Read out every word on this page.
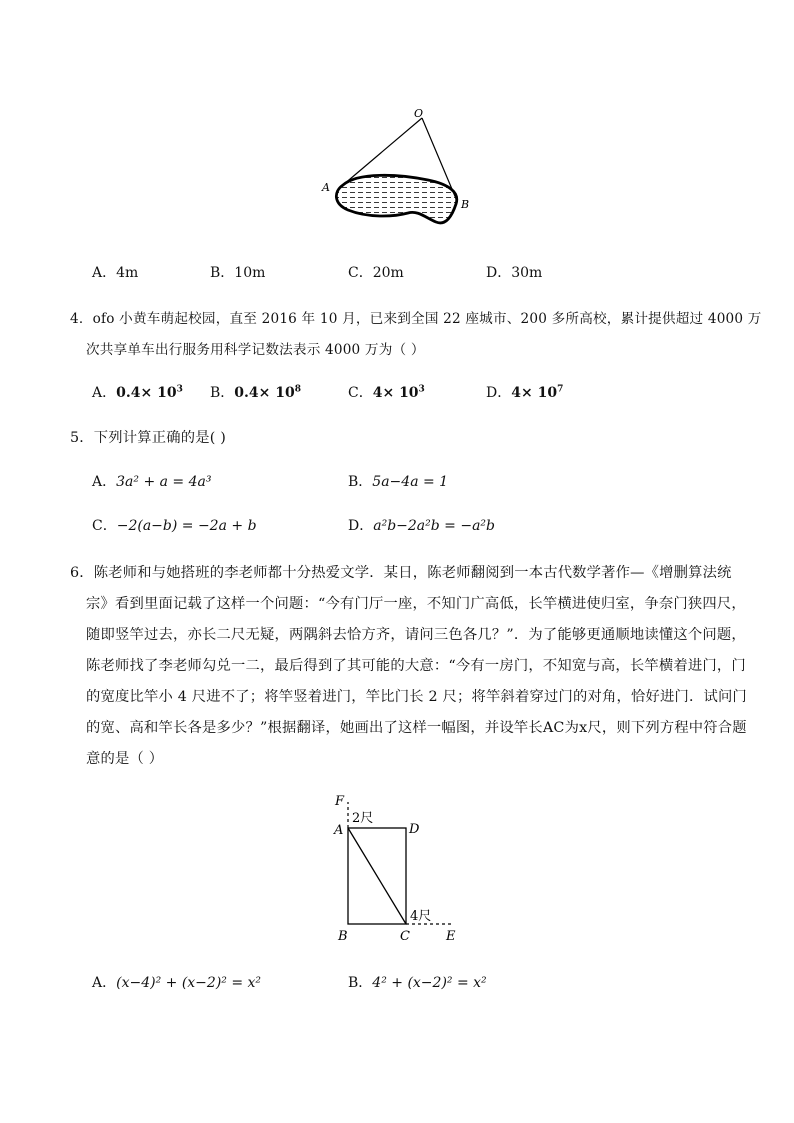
O
A
B
A．4m	B．10m	C．20m	D．30m
4．ofo 小黄车萌起校园，直至 2016 年 10 月，已来到全国 22 座城市、200 多所高校，累计提供超过 4000 万
次共享单车出行服务用科学记数法表示 4000 万为（ ）
A．$0.4\times 10^3$ B．$0.4\times 10^8$	C．$4\times 10^3$	D．$4\times 10^7$
5．下列计算正确的是( )
A．3a² + a = 4a³	B．5a−4a = 1
C．−2(a−b) = −2a + b	D．a²b−2a²b = −a²b
6．陈老师和与她搭班的李老师都十分热爱文学．某日，陈老师翻阅到一本古代数学著作—《增删算法统
宗》看到里面记载了这样一个问题：“今有门厅一座，不知门广高低，长竿横进使归室，争奈门狭四尺，
随即竖竿过去，亦长二尺无疑，两隅斜去恰方齐，请问三色各几？”．为了能够更通顺地读懂这个问题，
陈老师找了李老师勾兑一二，最后得到了其可能的大意：“今有一房门，不知宽与高，长竿横着进门，门
的宽度比竿小 4 尺进不了；将竿竖着进门，竿比门长 2 尺；将竿斜着穿过门的对角，恰好进门．试问门
的宽、高和竿长各是多少？”根据翻译，她画出了这样一幅图，并设竿长AC为x尺，则下列方程中符合题
意的是（ ）
F
2尺
A	D
4尺
B	C	E
A．(x−4)² + (x−2)² = x²	B．4² + (x−2)² = x²
